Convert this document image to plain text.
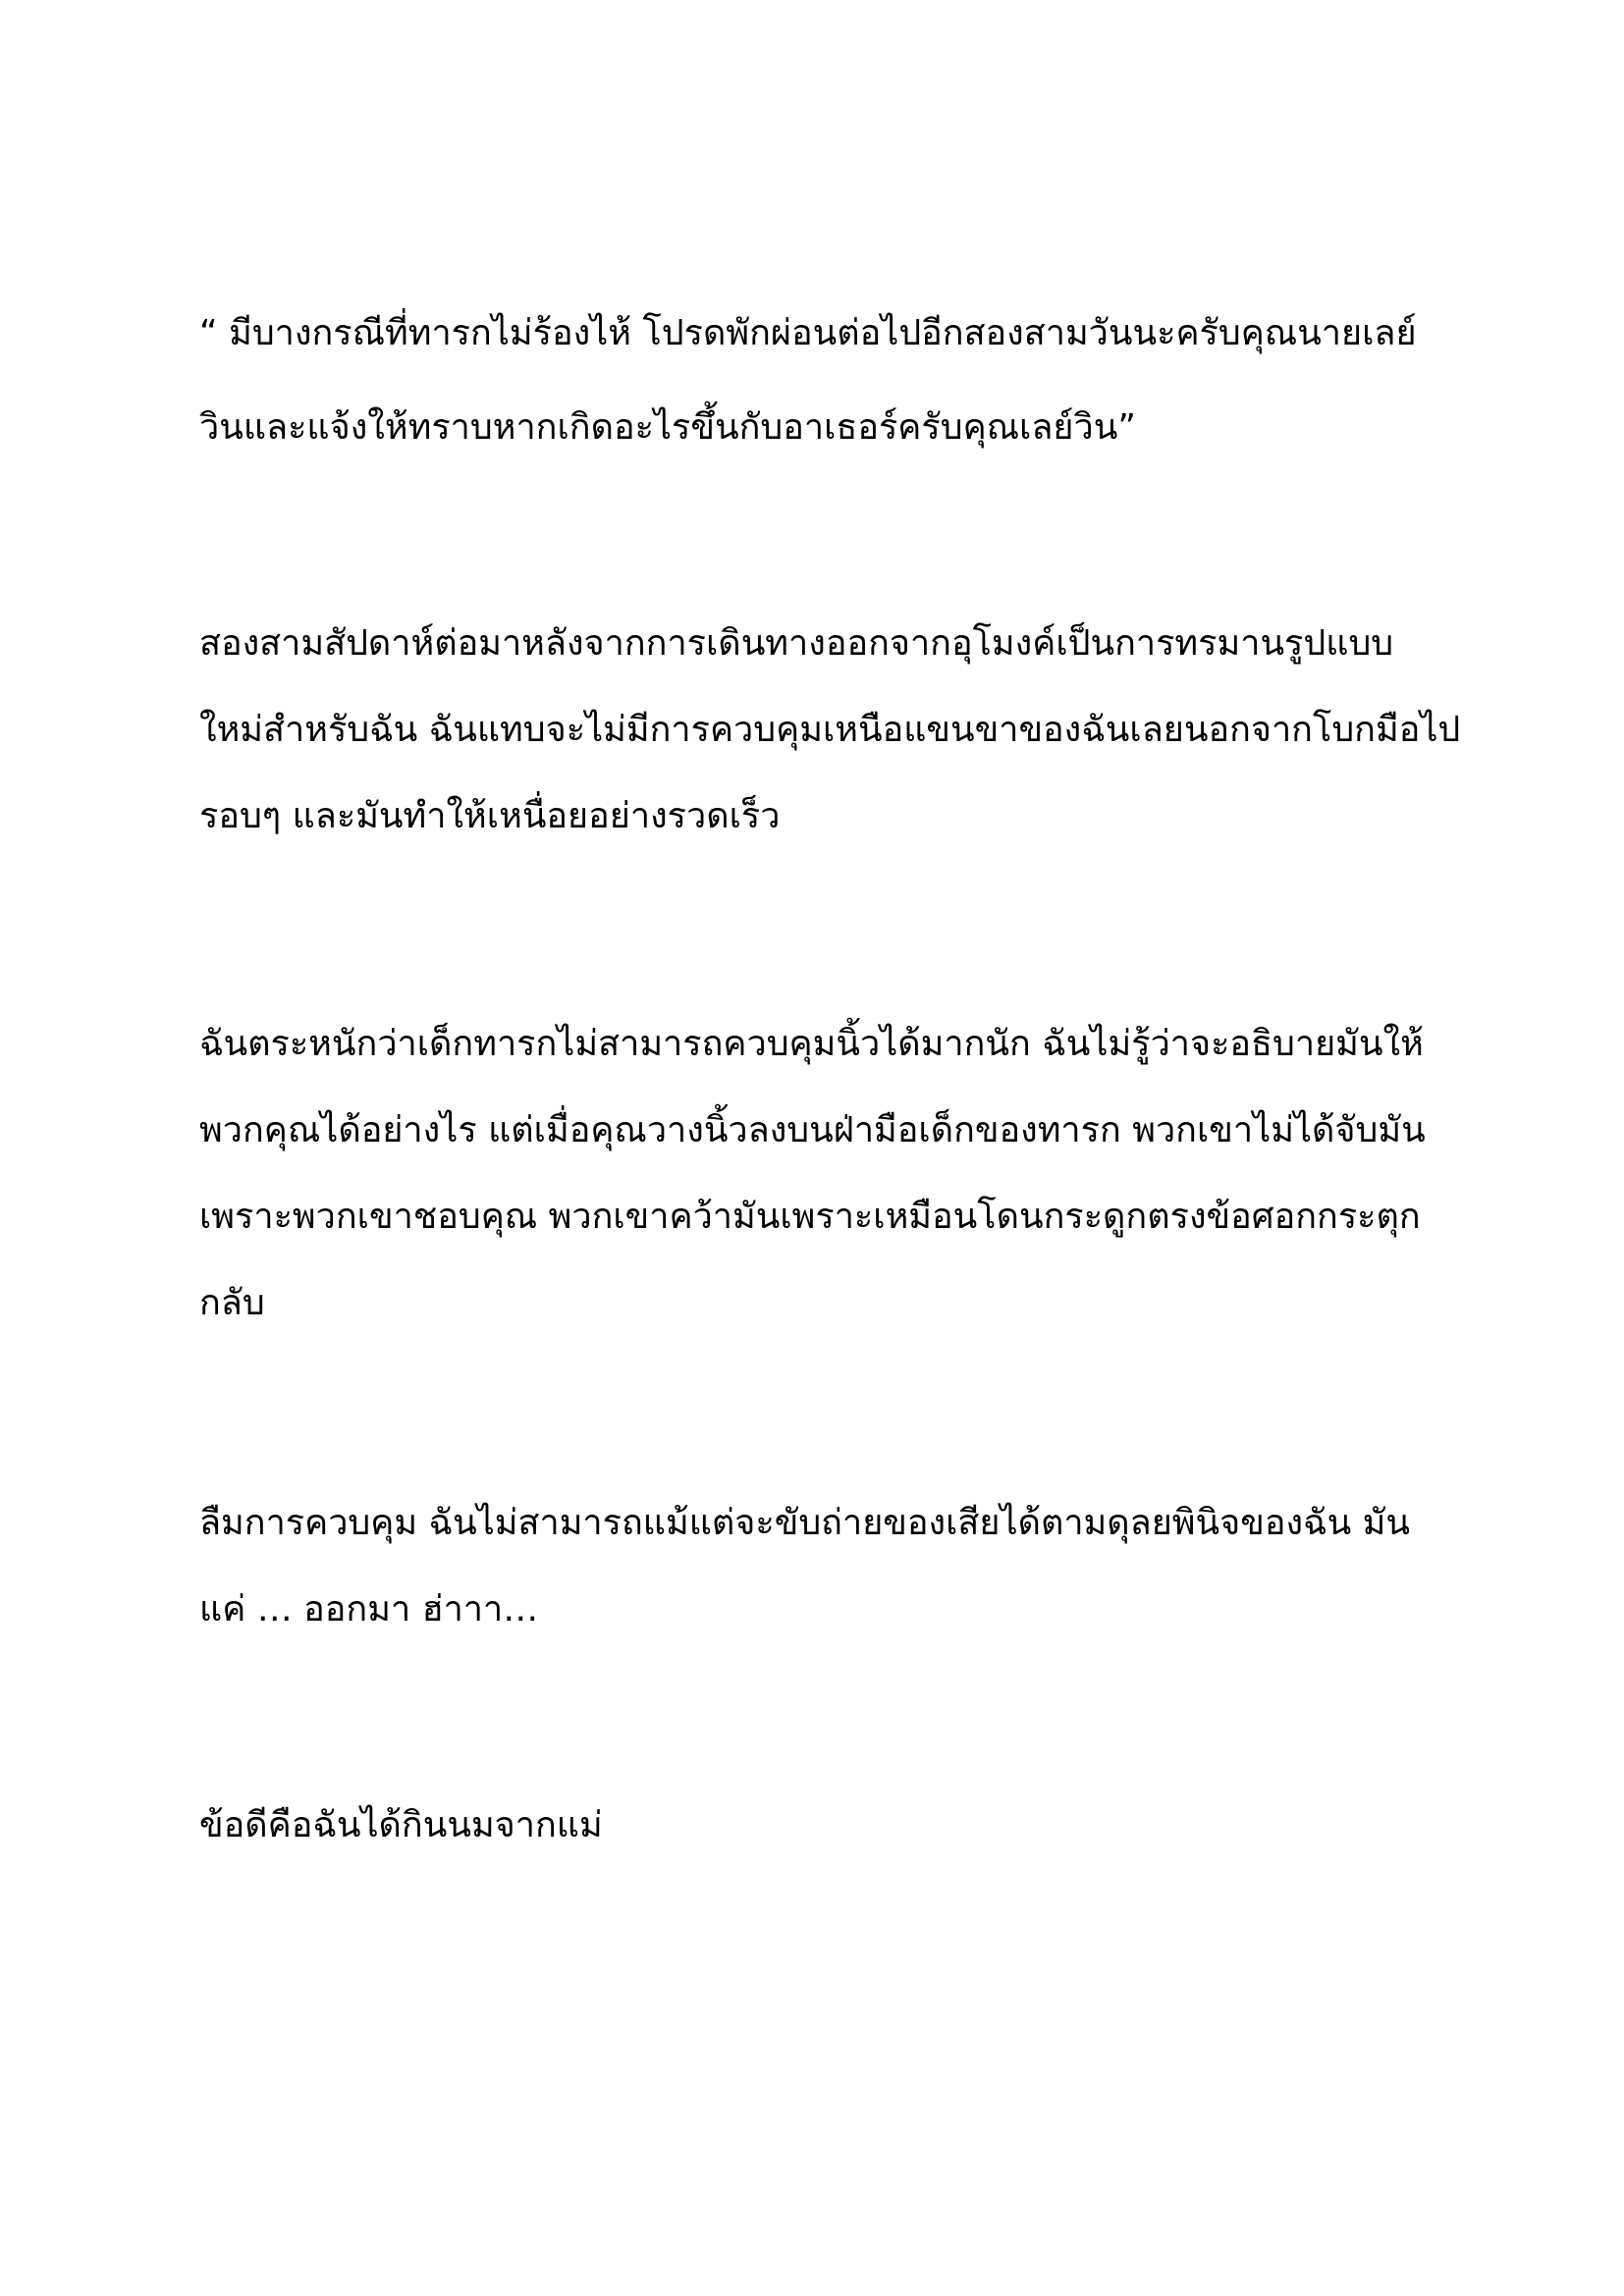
“ มีบางกรณีที่ทารกไม่ร้องไห้ โปรดพักผ่อนต่อไปอีกสองสามวันนะครับคุณนายเลย์
วินและแจ้งให้ทราบหากเกิดอะไรขึ้นกับอาเธอร์ครับคุณเลย์วิน”
สองสามสัปดาห์ต่อมาหลังจากการเดินทางออกจากอุโมงค์เป็นการทรมานรูปแบบ
ใหม่สำหรับฉัน ฉันแทบจะไม่มีการควบคุมเหนือแขนขาของฉันเลยนอกจากโบกมือไป
รอบๆ และมันทำให้เหนื่อยอย่างรวดเร็ว
ฉันตระหนักว่าเด็กทารกไม่สามารถควบคุมนิ้วได้มากนัก ฉันไม่รู้ว่าจะอธิบายมันให้
พวกคุณได้อย่างไร แต่เมื่อคุณวางนิ้วลงบนฝ่ามือเด็กของทารก พวกเขาไม่ได้จับมัน
เพราะพวกเขาชอบคุณ พวกเขาคว้ามันเพราะเหมือนโดนกระดูกตรงข้อศอกกระตุก
กลับ
ลืมการควบคุม ฉันไม่สามารถแม้แต่จะขับถ่ายของเสียได้ตามดุลยพินิจของฉัน มัน
แค่ … ออกมา ฮ่าาา…
ข้อดีคือฉันได้กินนมจากแม่
